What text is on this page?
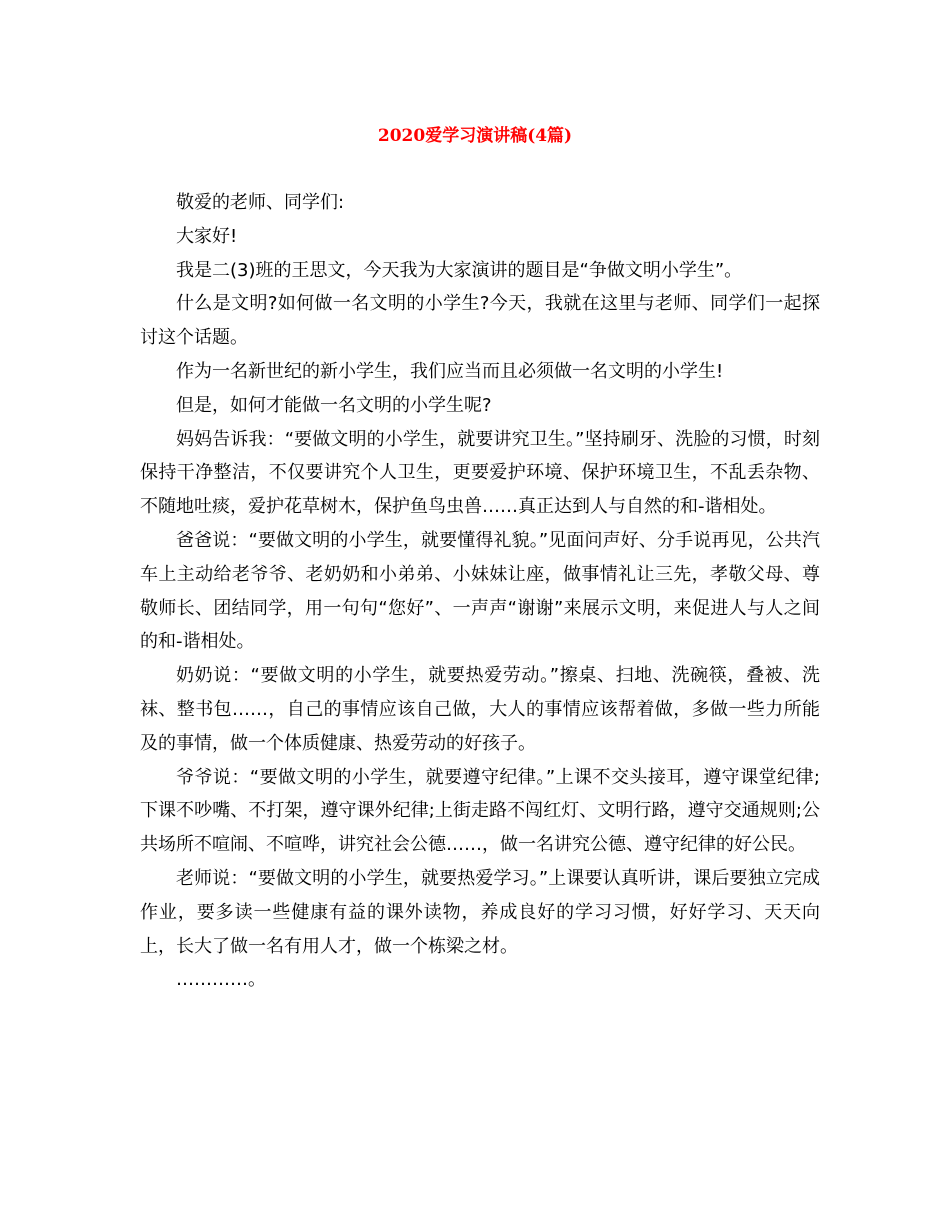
2020爱学习演讲稿(4篇)

敬爱的老师、同学们:

大家好!

我是二(3)班的王思文，今天我为大家演讲的题目是“争做文明小学生”。

什么是文明?如何做一名文明的小学生?今天，我就在这里与老师、同学们一起探讨这个话题。

作为一名新世纪的新小学生，我们应当而且必须做一名文明的小学生!

但是，如何才能做一名文明的小学生呢?

妈妈告诉我：“要做文明的小学生，就要讲究卫生。”坚持刷牙、洗脸的习惯，时刻保持干净整洁，不仅要讲究个人卫生，更要爱护环境、保护环境卫生，不乱丢杂物、不随地吐痰，爱护花草树木，保护鱼鸟虫兽……真正达到人与自然的和-谐相处。

爸爸说：“要做文明的小学生，就要懂得礼貌。”见面问声好、分手说再见，公共汽车上主动给老爷爷、老奶奶和小弟弟、小妹妹让座，做事情礼让三先，孝敬父母、尊敬师长、团结同学，用一句句“您好”、一声声“谢谢”来展示文明，来促进人与人之间的和-谐相处。

奶奶说：“要做文明的小学生，就要热爱劳动。”擦桌、扫地、洗碗筷，叠被、洗袜、整书包……，自己的事情应该自己做，大人的事情应该帮着做，多做一些力所能及的事情，做一个体质健康、热爱劳动的好孩子。

爷爷说：“要做文明的小学生，就要遵守纪律。”上课不交头接耳，遵守课堂纪律;下课不吵嘴、不打架，遵守课外纪律;上街走路不闯红灯、文明行路，遵守交通规则;公共场所不喧闹、不喧哗，讲究社会公德……，做一名讲究公德、遵守纪律的好公民。

老师说：“要做文明的小学生，就要热爱学习。”上课要认真听讲，课后要独立完成作业，要多读一些健康有益的课外读物，养成良好的学习习惯，好好学习、天天向上，长大了做一名有用人才，做一个栋梁之材。

…………。
